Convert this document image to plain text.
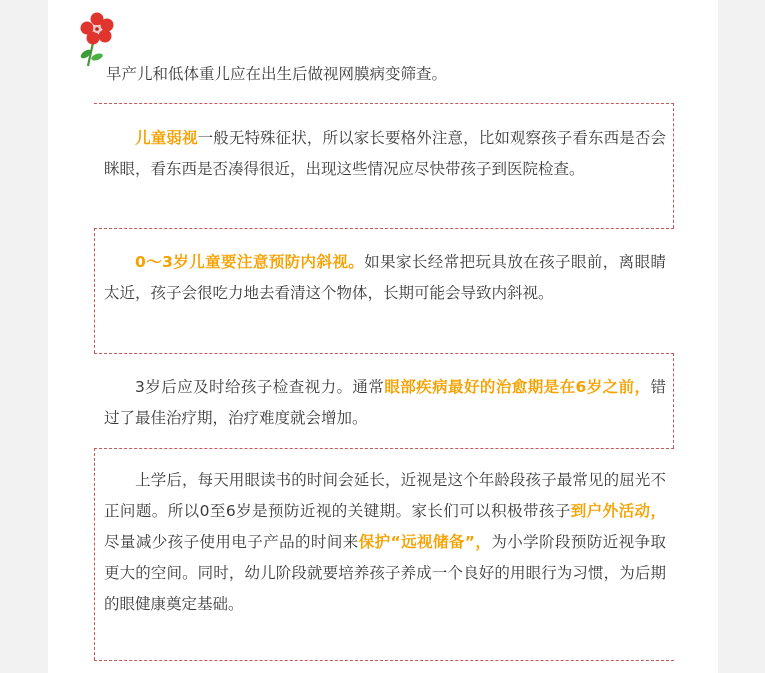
早产儿和低体重儿应在出生后做视网膜病变筛查。
儿童弱视一般无特殊征状，所以家长要格外注意，比如观察孩子看东西是否会眯眼，看东西是否凑得很近，出现这些情况应尽快带孩子到医院检查。
0～3岁儿童要注意预防内斜视。如果家长经常把玩具放在孩子眼前，离眼睛太近，孩子会很吃力地去看清这个物体，长期可能会导致内斜视。
3岁后应及时给孩子检查视力。通常眼部疾病最好的治愈期是在6岁之前，错过了最佳治疗期，治疗难度就会增加。
上学后，每天用眼读书的时间会延长，近视是这个年龄段孩子最常见的屈光不正问题。所以0至6岁是预防近视的关键期。家长们可以积极带孩子到户外活动，尽量减少孩子使用电子产品的时间来保护“远视储备”，为小学阶段预防近视争取更大的空间。同时，幼儿阶段就要培养孩子养成一个良好的用眼行为习惯，为后期的眼健康奠定基础。
